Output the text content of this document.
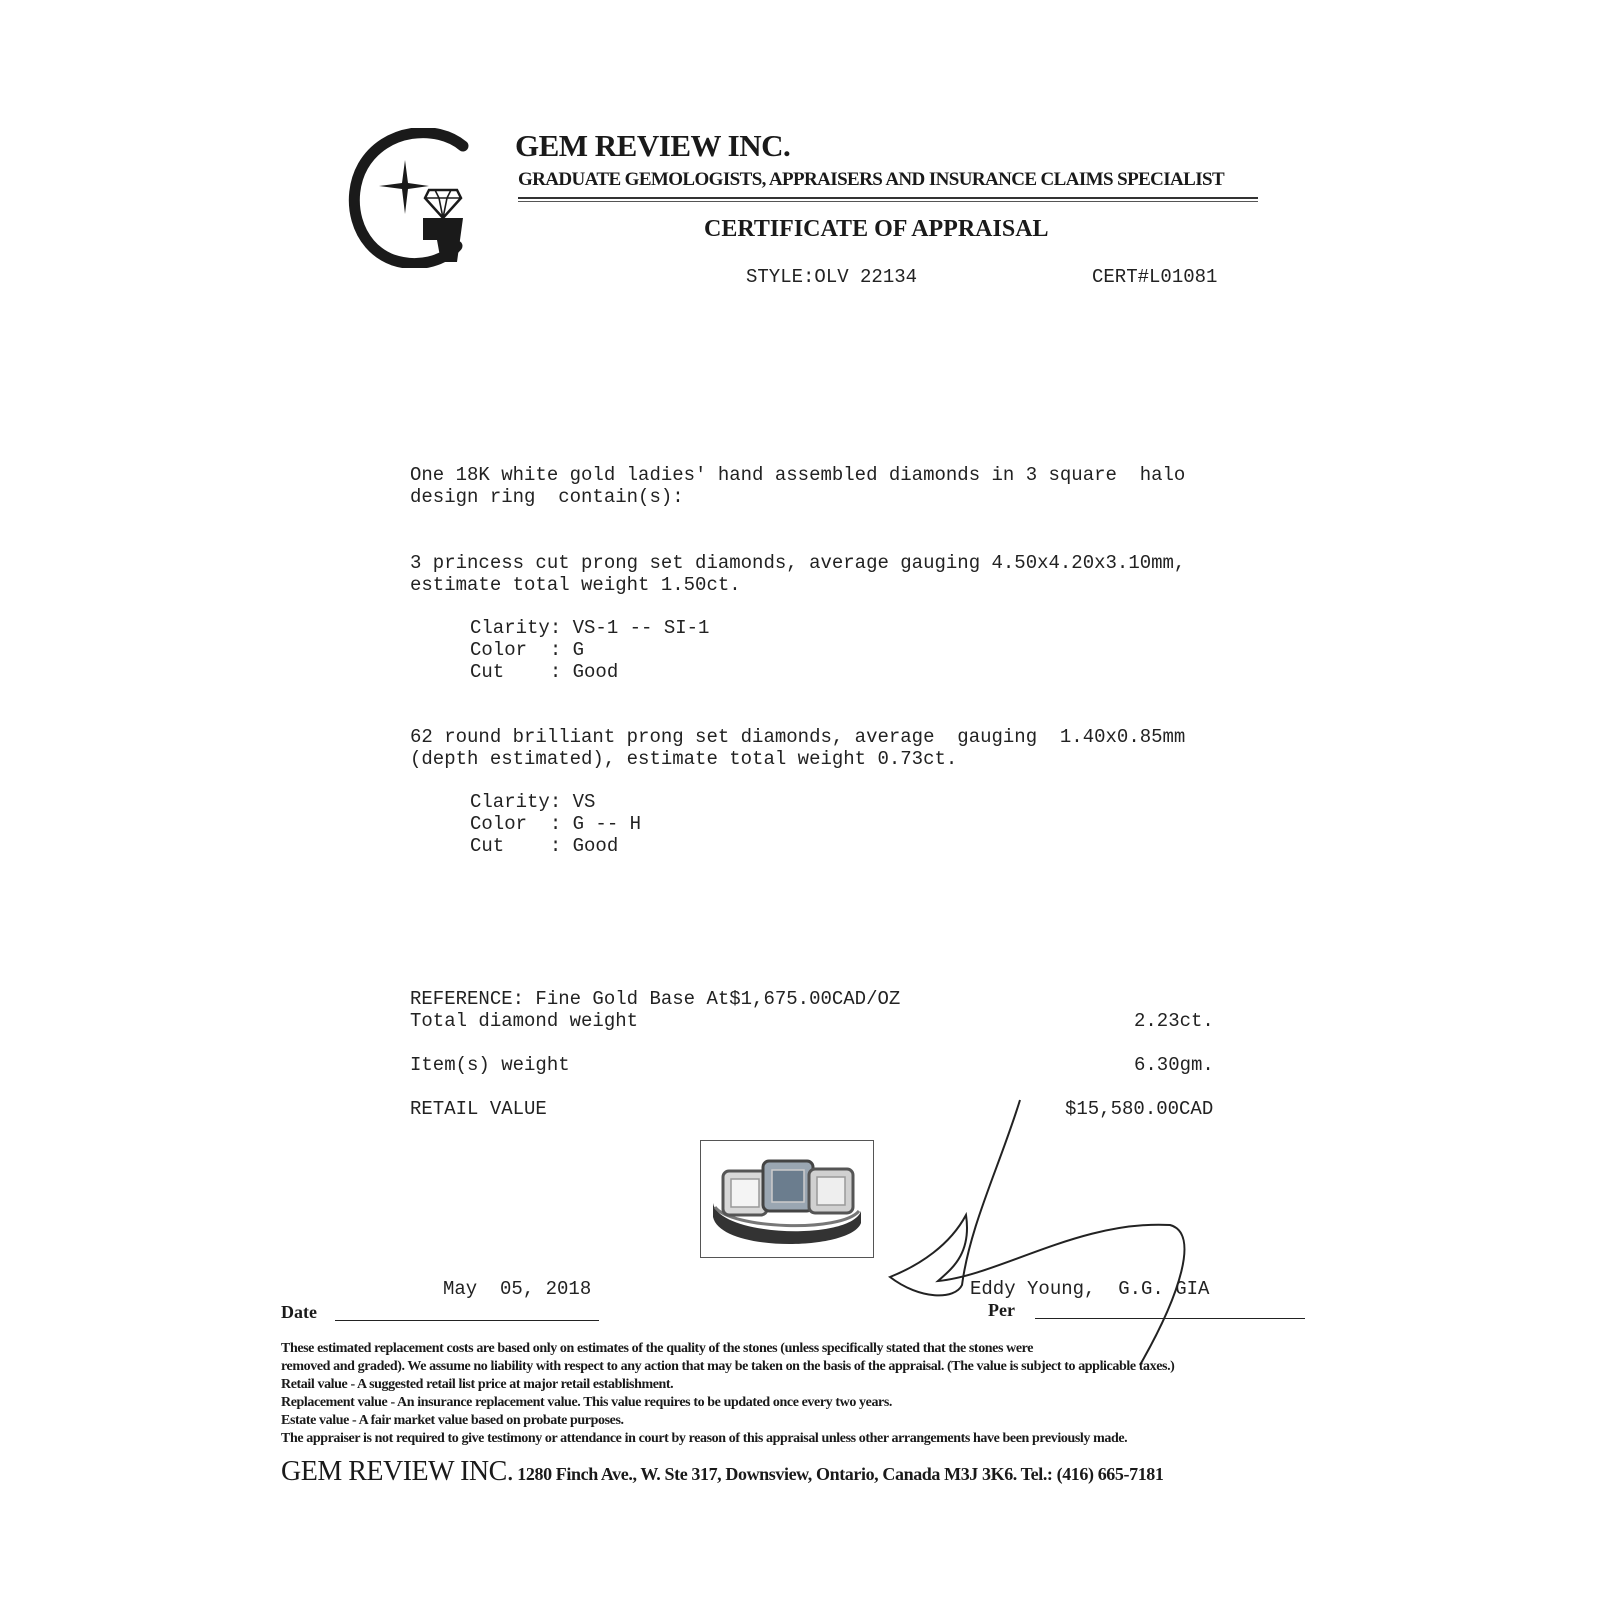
GEM REVIEW INC.
GRADUATE GEMOLOGISTS, APPRAISERS AND INSURANCE CLAIMS SPECIALIST
CERTIFICATE OF APPRAISAL
STYLE:OLV 22134	CERT#L01081
One 18K white gold ladies' hand assembled diamonds in 3 square  halo
design ring  contain(s):
3 princess cut prong set diamonds, average gauging 4.50x4.20x3.10mm,
estimate total weight 1.50ct.
Clarity: VS-1 -- SI-1
Color  : G
Cut    : Good
62 round brilliant prong set diamonds, average  gauging  1.40x0.85mm
(depth estimated), estimate total weight 0.73ct.
Clarity: VS
Color  : G -- H
Cut    : Good
REFERENCE: Fine Gold Base At$1,675.00CAD/OZ
Total diamond weight	2.23ct.
Item(s) weight	6.30gm.
RETAIL VALUE	$15,580.00CAD
May  05, 2018
Date
Eddy Young,  G.G. GIA
Per
These estimated replacement costs are based only on estimates of the quality of the stones (unless specifically stated that the stones were
removed and graded). We assume no liability with respect to any action that may be taken on the basis of the appraisal. (The value is subject to applicable taxes.)
Retail value - A suggested retail list price at major retail establishment.
Replacement value - An insurance replacement value. This value requires to be updated once every two years.
Estate value - A fair market value based on probate purposes.
The appraiser is not required to give testimony or attendance in court by reason of this appraisal unless other arrangements have been previously made.
GEM REVIEW INC. 1280 Finch Ave., W. Ste 317, Downsview, Ontario, Canada M3J 3K6. Tel.: (416) 665-7181
